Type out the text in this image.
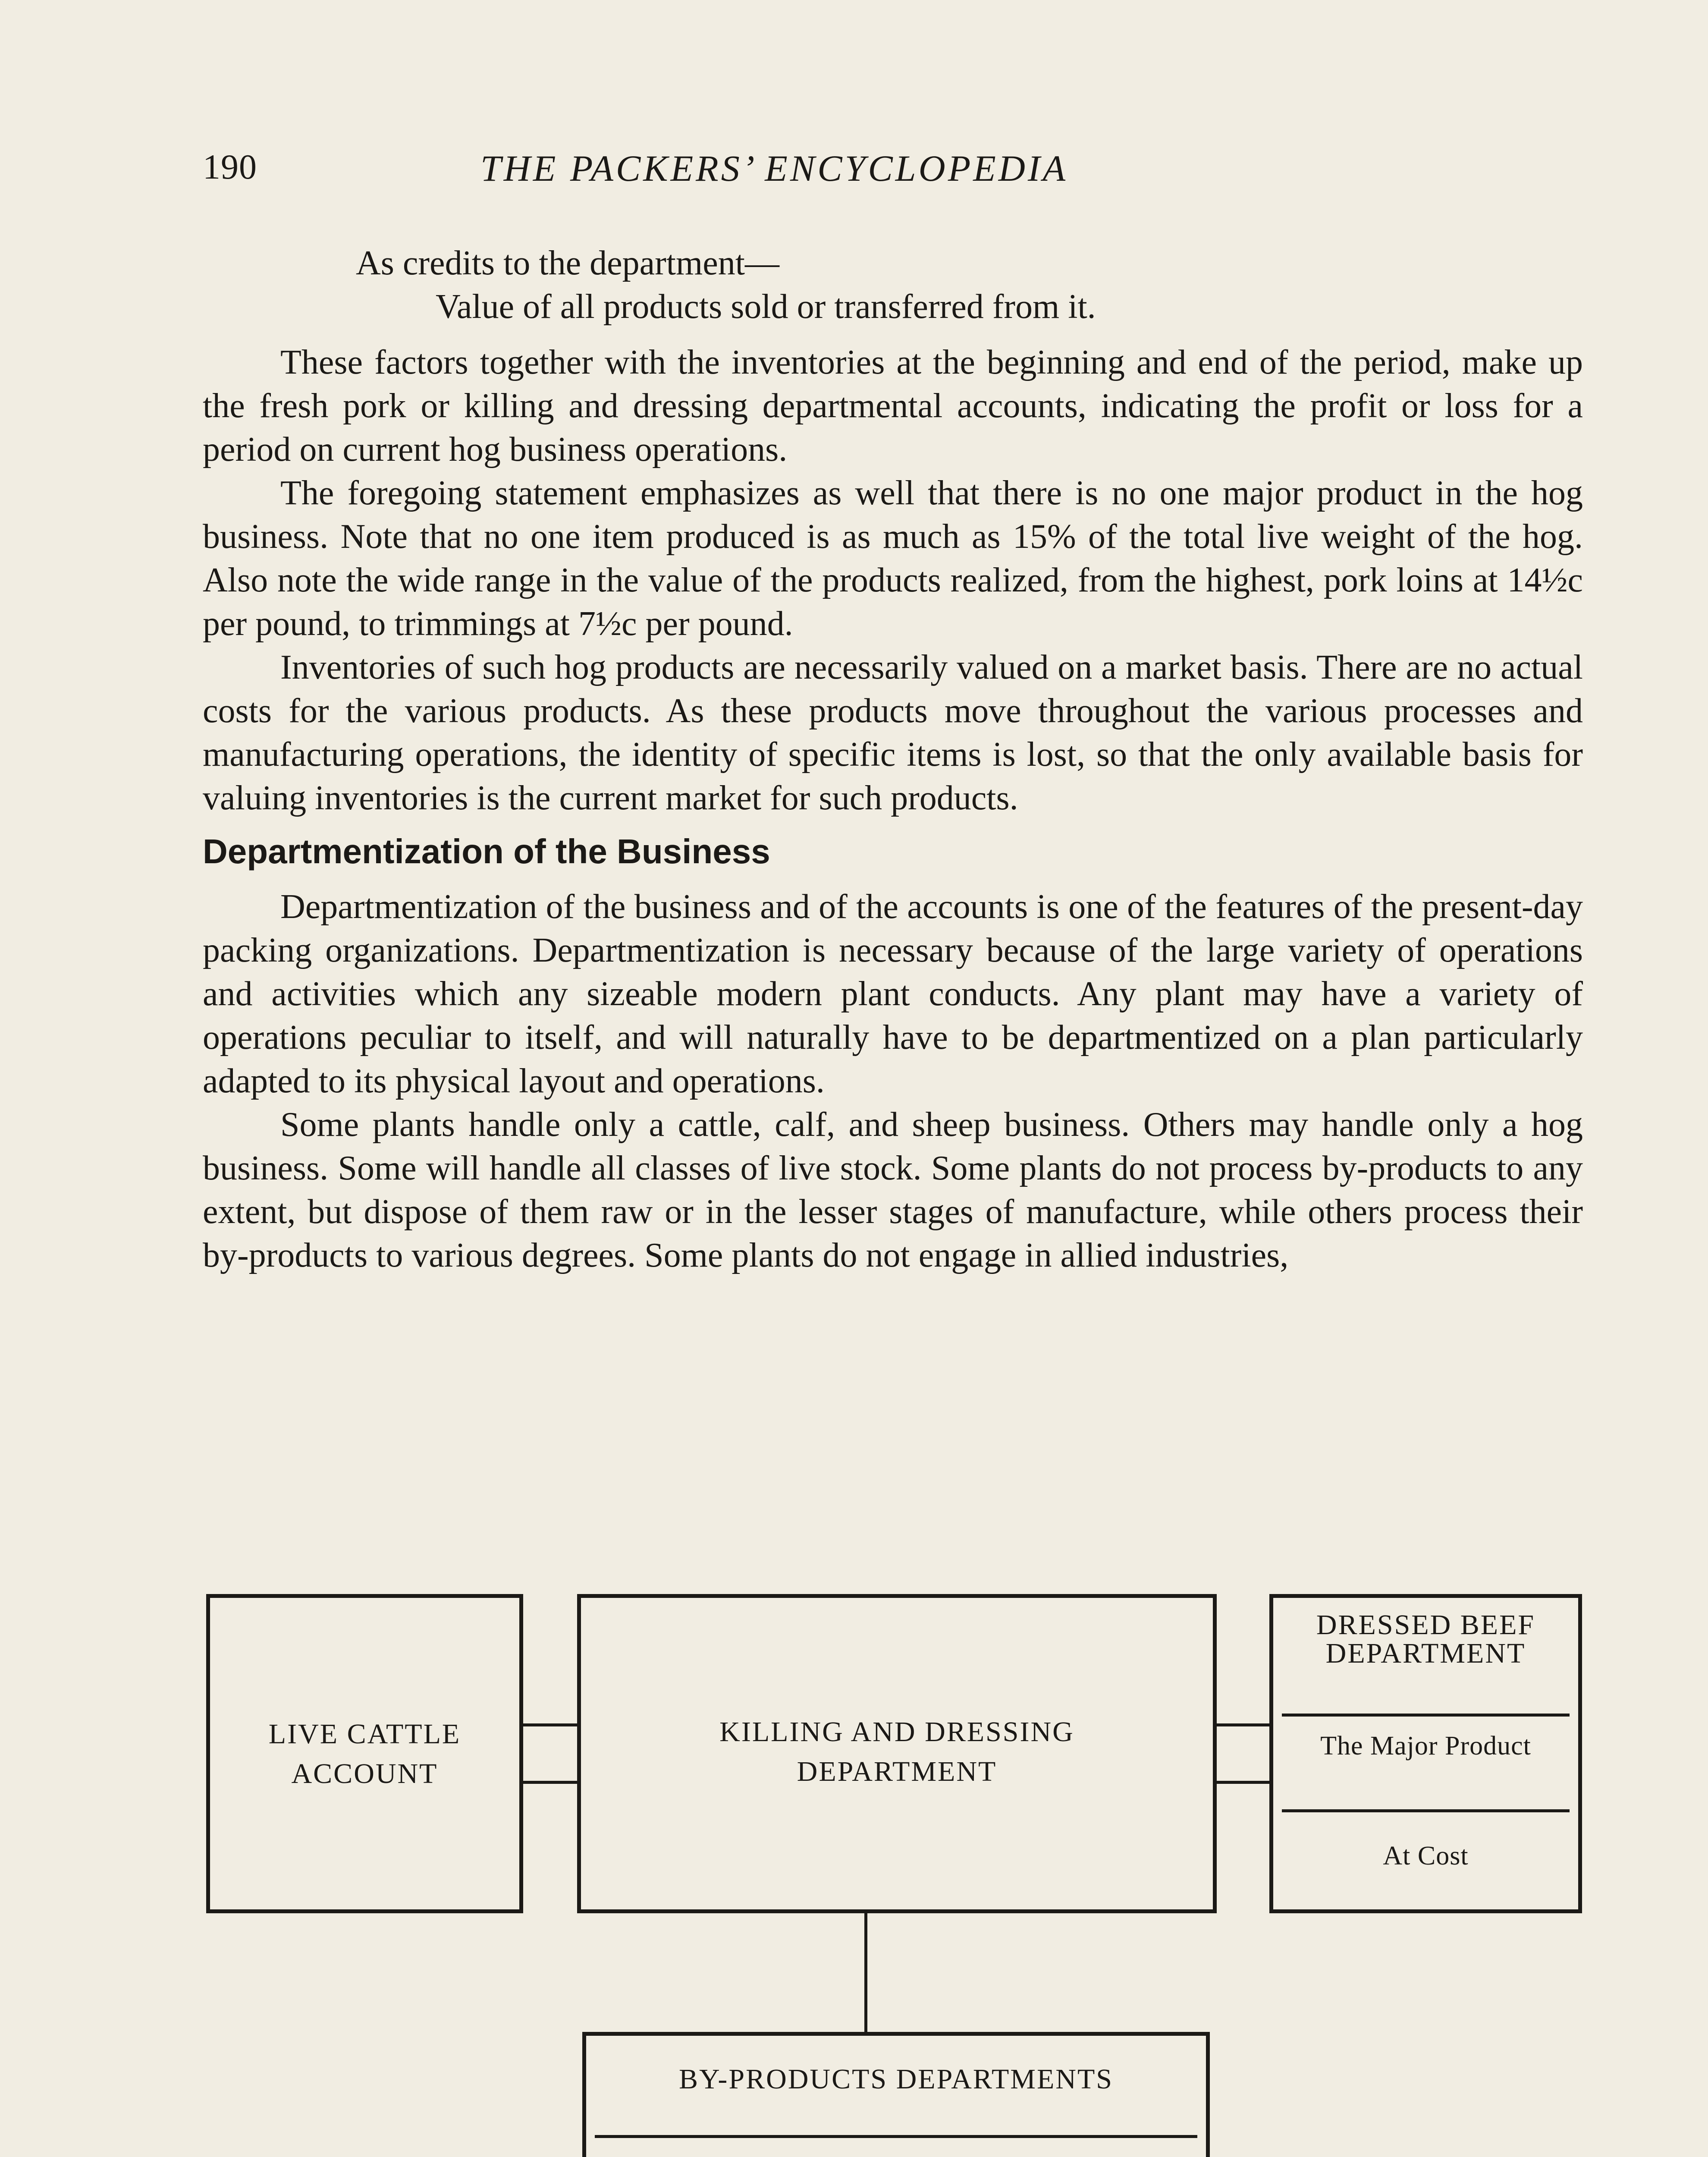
190	THE PACKERS’ ENCYCLOPEDIA

As credits to the department—

Value of all products sold or transferred from it.

These factors together with the inventories at the beginning and end of the period, make up the fresh pork or killing and dressing departmental accounts, indicating the profit or loss for a period on current hog business operations.

The foregoing statement emphasizes as well that there is no one major product in the hog business. Note that no one item produced is as much as 15% of the total live weight of the hog. Also note the wide range in the value of the products realized, from the highest, pork loins at 14½c per pound, to trimmings at 7½c per pound.

Inventories of such hog products are necessarily valued on a market basis. There are no actual costs for the various products. As these products move throughout the various processes and manufacturing operations, the identity of specific items is lost, so that the only available basis for valuing inventories is the current market for such products.

Departmentization of the Business

Departmentization of the business and of the accounts is one of the features of the present-day packing organizations. Departmentization is necessary because of the large variety of operations and activities which any sizeable modern plant conducts. Any plant may have a variety of operations peculiar to itself, and will naturally have to be departmentized on a plan particularly adapted to its physical layout and operations.

Some plants handle only a cattle, calf, and sheep business. Others may handle only a hog business. Some will handle all classes of live stock. Some plants do not process by-products to any extent, but dispose of them raw or in the lesser stages of manufacture, while others process their by-products to various degrees. Some plants do not engage in allied industries,

LIVE CATTLE ACCOUNT
KILLING AND DRESSING DEPARTMENT
DRESSED BEEF DEPARTMENT
The Major Product
At Cost
BY-PRODUCTS DEPARTMENTS
